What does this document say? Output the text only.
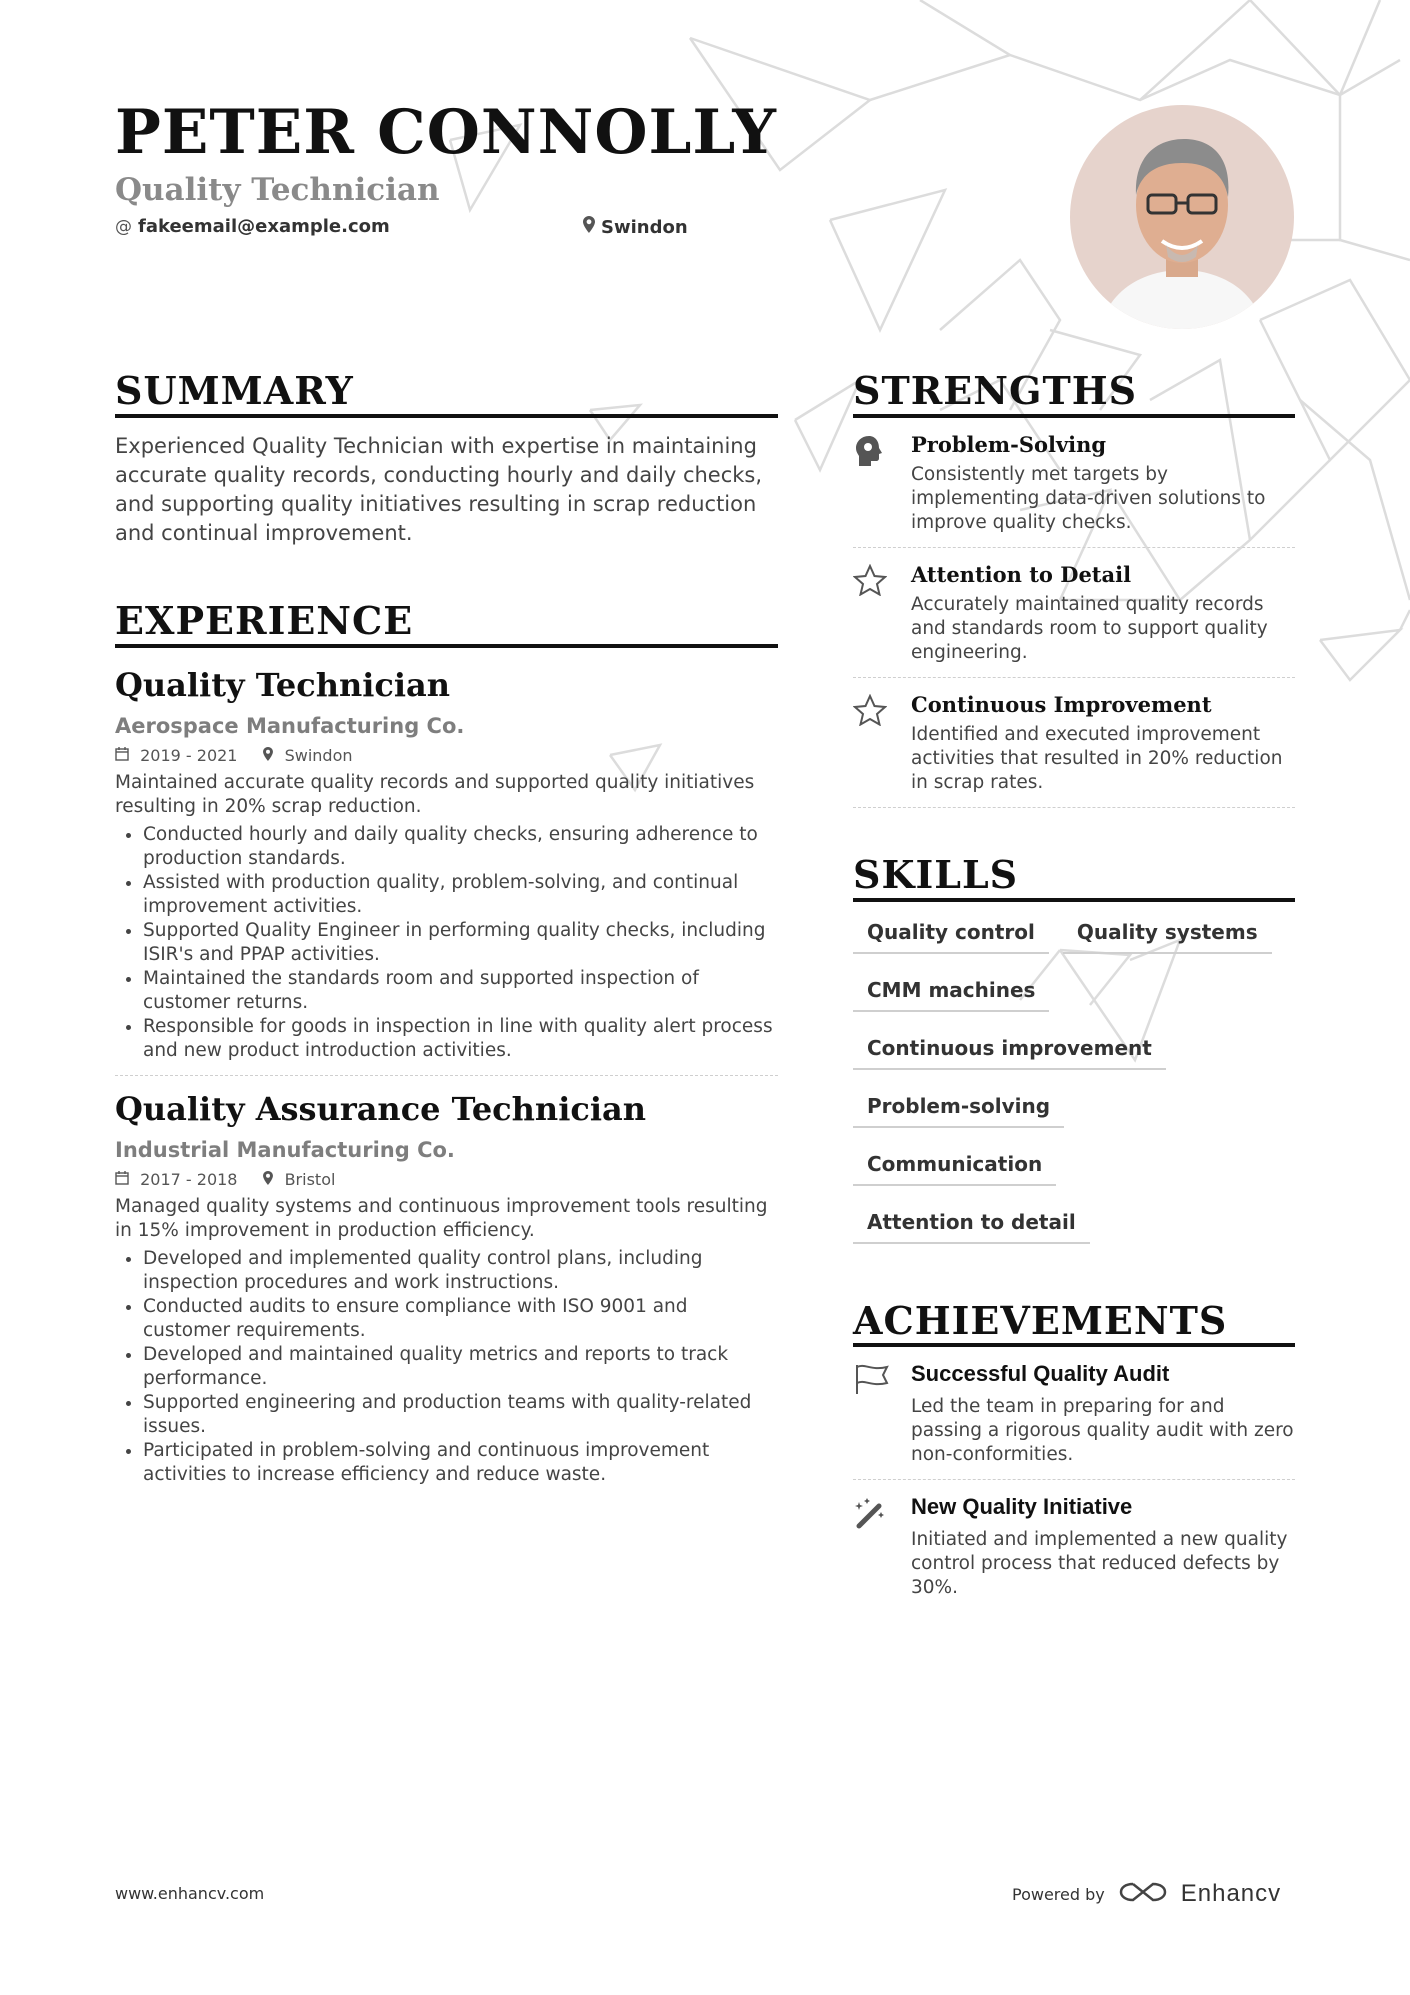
PETER CONNOLLY
Quality Technician
@ fakeemail@example.com	Swindon
SUMMARY

Experienced Quality Technician with expertise in maintaining accurate quality records, conducting hourly and daily checks, and supporting quality initiatives resulting in scrap reduction and continual improvement.

EXPERIENCE
Quality Technician
Aerospace Manufacturing Co.
2019 - 2021	Swindon
Maintained accurate quality records and supported quality initiatives resulting in 20% scrap reduction.
• Conducted hourly and daily quality checks, ensuring adherence to production standards.
• Assisted with production quality, problem-solving, and continual improvement activities.
• Supported Quality Engineer in performing quality checks, including ISIR's and PPAP activities.
• Maintained the standards room and supported inspection of customer returns.
• Responsible for goods in inspection in line with quality alert process and new product introduction activities.
Quality Assurance Technician
Industrial Manufacturing Co.
2017 - 2018	Bristol
Managed quality systems and continuous improvement tools resulting in 15% improvement in production efficiency.
• Developed and implemented quality control plans, including inspection procedures and work instructions.
• Conducted audits to ensure compliance with ISO 9001 and customer requirements.
• Developed and maintained quality metrics and reports to track performance.
• Supported engineering and production teams with quality-related issues.
• Participated in problem-solving and continuous improvement activities to increase efficiency and reduce waste.
STRENGTHS
Problem-Solving
Consistently met targets by implementing data-driven solutions to improve quality checks.
Attention to Detail
Accurately maintained quality records and standards room to support quality engineering.
Continuous Improvement
Identified and executed improvement activities that resulted in 20% reduction in scrap rates.
SKILLS
Quality control	Quality systems
CMM machines
Continuous improvement
Problem-solving
Communication
Attention to detail
ACHIEVEMENTS
Successful Quality Audit
Led the team in preparing for and passing a rigorous quality audit with zero non-conformities.
New Quality Initiative
Initiated and implemented a new quality control process that reduced defects by 30%.
www.enhancv.com	Powered by	Enhancv
